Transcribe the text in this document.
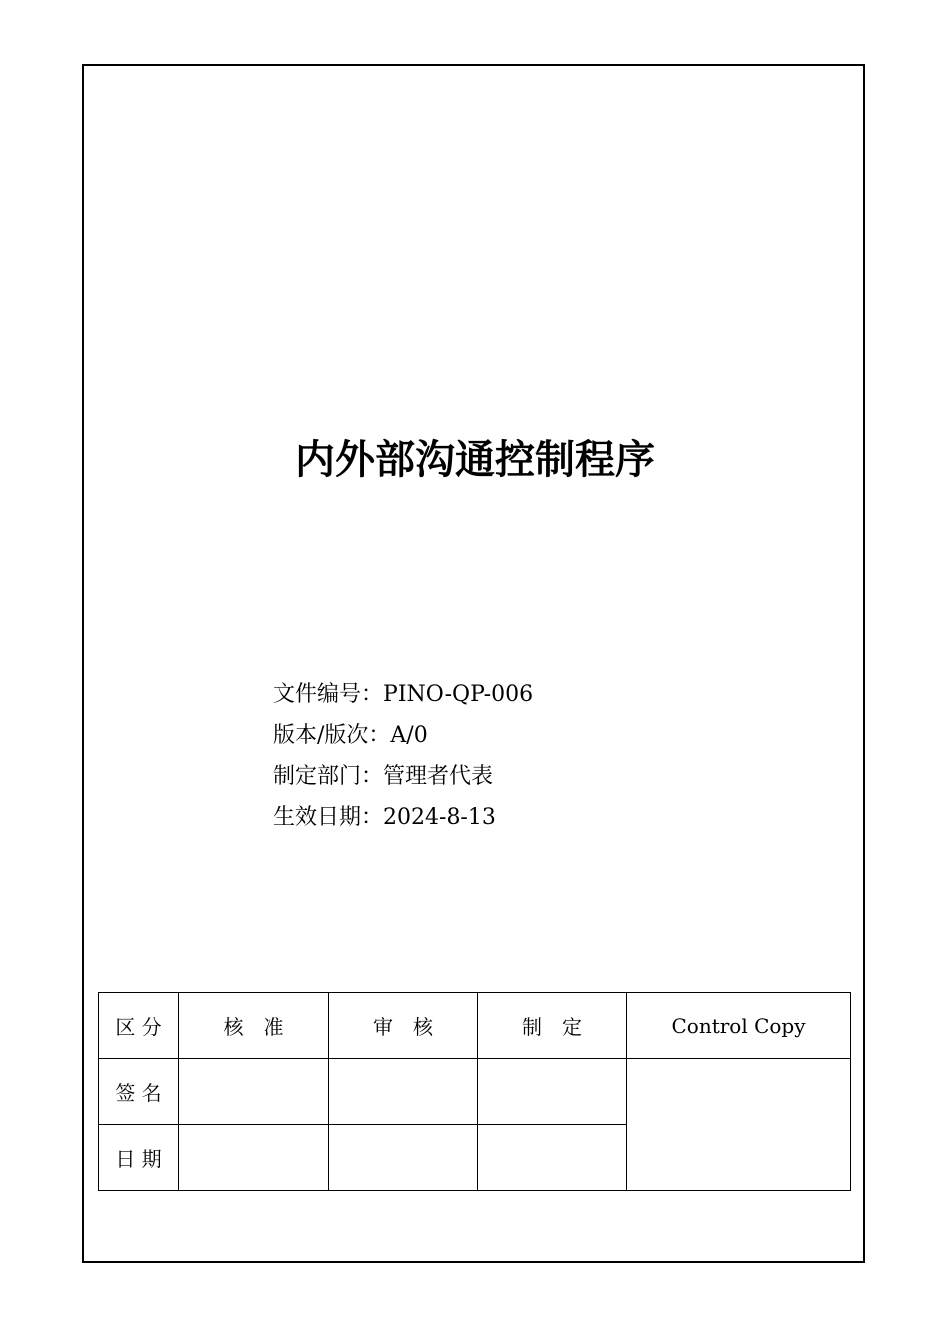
内外部沟通控制程序
文件编号：PINO-QP-006
版本/版次：A/0
制定部门：管理者代表
生效日期：2024-8-13
区 分	核　准	审　核	制　定	Control Copy
签 名				
日 期				
